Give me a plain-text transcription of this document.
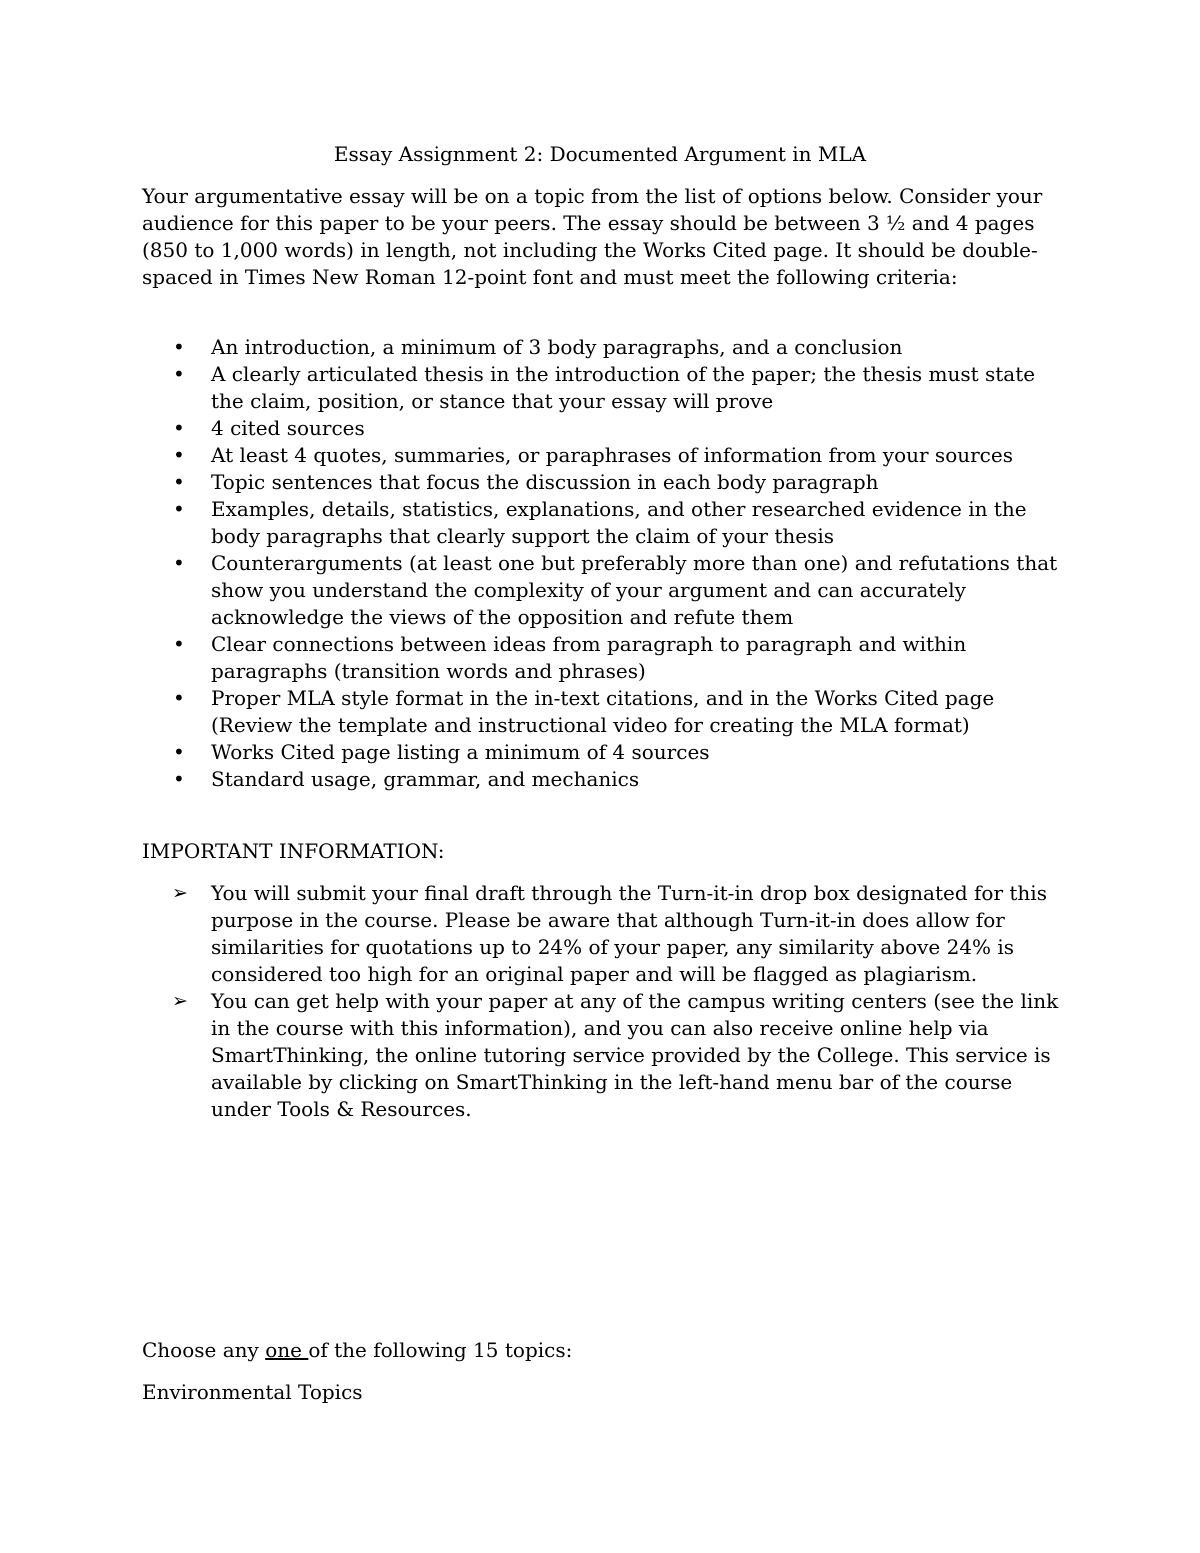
Essay Assignment 2: Documented Argument in MLA

Your argumentative essay will be on a topic from the list of options below. Consider your audience for this paper to be your peers. The essay should be between 3 ½ and 4 pages (850 to 1,000 words) in length, not including the Works Cited page. It should be double-spaced in Times New Roman 12-point font and must meet the following criteria:

•	An introduction, a minimum of 3 body paragraphs, and a conclusion
•	A clearly articulated thesis in the introduction of the paper; the thesis must state the claim, position, or stance that your essay will prove
•	4 cited sources
•	At least 4 quotes, summaries, or paraphrases of information from your sources
•	Topic sentences that focus the discussion in each body paragraph
•	Examples, details, statistics, explanations, and other researched evidence in the body paragraphs that clearly support the claim of your thesis
•	Counterarguments (at least one but preferably more than one) and refutations that show you understand the complexity of your argument and can accurately acknowledge the views of the opposition and refute them
•	Clear connections between ideas from paragraph to paragraph and within paragraphs (transition words and phrases)
•	Proper MLA style format in the in-text citations, and in the Works Cited page (Review the template and instructional video for creating the MLA format)
•	Works Cited page listing a minimum of 4 sources
•	Standard usage, grammar, and mechanics

IMPORTANT INFORMATION:

➢	You will submit your final draft through the Turn-it-in drop box designated for this purpose in the course. Please be aware that although Turn-it-in does allow for similarities for quotations up to 24% of your paper, any similarity above 24% is considered too high for an original paper and will be flagged as plagiarism.
➢	You can get help with your paper at any of the campus writing centers (see the link in the course with this information), and you can also receive online help via SmartThinking, the online tutoring service provided by the College. This service is available by clicking on SmartThinking in the left-hand menu bar of the course under Tools & Resources.

Choose any one of the following 15 topics:

Environmental Topics
